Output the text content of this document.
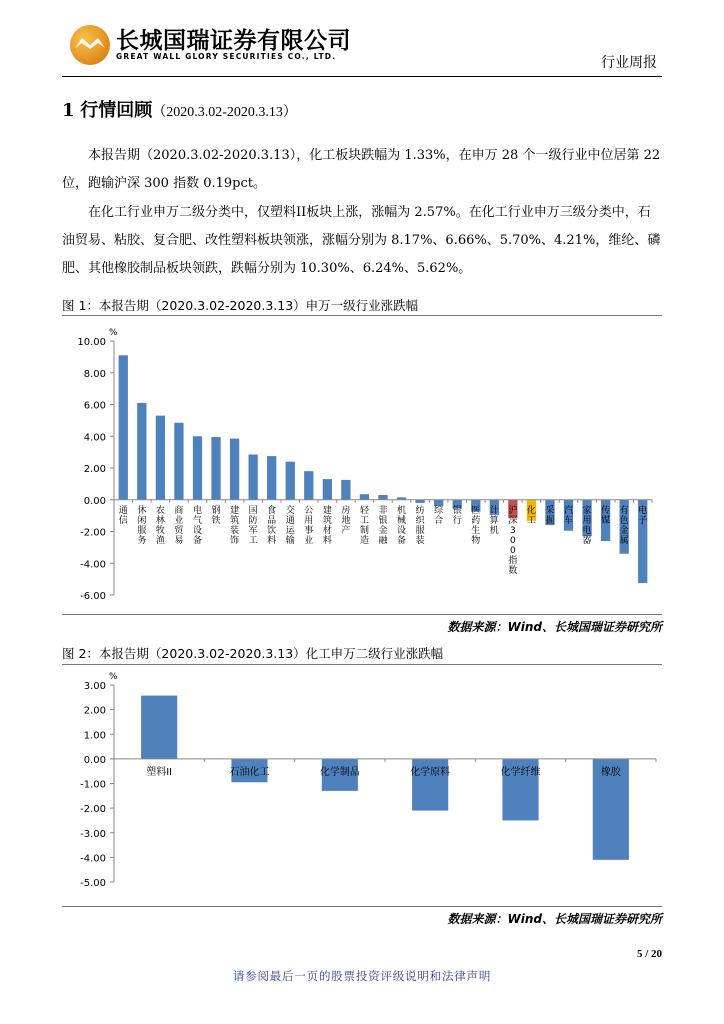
长城国瑞证券有限公司
GREAT WALL GLORY SECURITIES CO., LTD.	行业周报
1 行情回顾（2020.3.02-2020.3.13）
本报告期（2020.3.02-2020.3.13），化工板块跌幅为 1.33%，在申万 28 个一级行业中位居第 22 位，跑输沪深 300 指数 0.19pct。
在化工行业申万二级分类中，仅塑料II板块上涨，涨幅为 2.57%。在化工行业申万三级分类中，石油贸易、粘胶、复合肥、改性塑料板块领涨，涨幅分别为 8.17%、6.66%、5.70%、4.21%，维纶、磷肥、其他橡胶制品板块领跌，跌幅分别为 10.30%、6.24%、5.62%。
图 1：本报告期（2020.3.02-2020.3.13）申万一级行业涨跌幅
%
10.00
8.00
6.00
4.00
2.00
0.00
-2.00
-4.00
-6.00
通信
休闲服务
农林牧渔
商业贸易
电气设备
钢铁
建筑装饰
国防军工
食品饮料
交通运输
公用事业
建筑材料
房地产
轻工制造
非银金融
机械设备
纺织服装
综合
银行
医药生物
计算机
沪深 3 0 0 指数
化工
采掘
汽车
家用电器
传媒
有色金属
电子
数据来源：Wind、长城国瑞证券研究所
图 2：本报告期（2020.3.02-2020.3.13）化工申万二级行业涨跌幅
%
3.00
2.00
1.00
0.00
-1.00
-2.00
-3.00
-4.00
-5.00
塑料II	石油化工	化学制品	化学原料	化学纤维	橡胶
数据来源：Wind、长城国瑞证券研究所
5 / 20
请参阅最后一页的股票投资评级说明和法律声明
